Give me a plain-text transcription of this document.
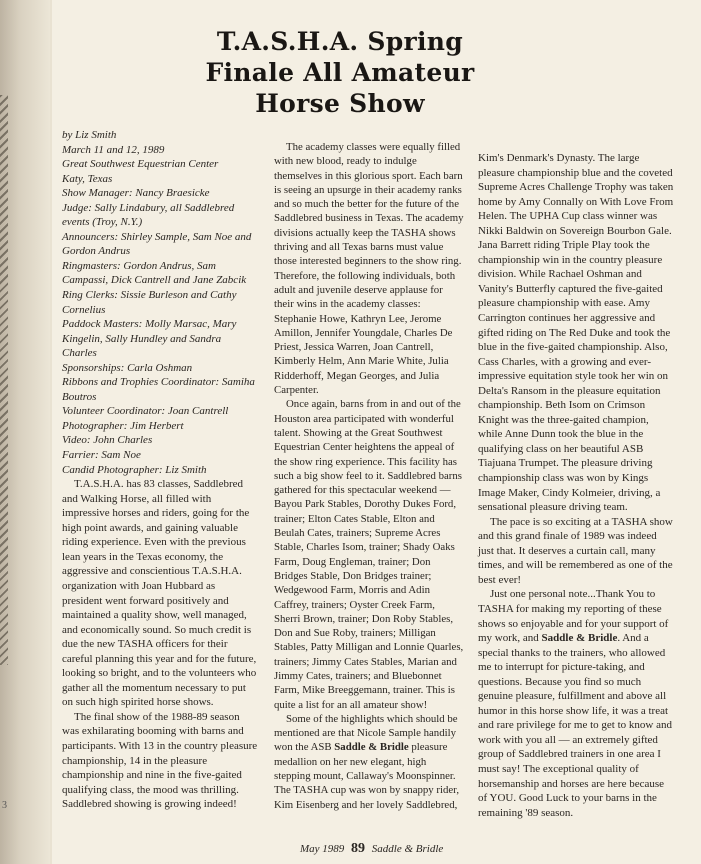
3
T.A.S.H.A. Spring
Finale All Amateur
Horse Show
by Liz Smith
March 11 and 12, 1989
Great Southwest Equestrian Center
Katy, Texas
Show Manager: Nancy Braesicke
Judge: Sally Lindabury, all Saddlebred events (Troy, N.Y.)
Announcers: Shirley Sample, Sam Noe and Gordon Andrus
Ringmasters: Gordon Andrus, Sam Campassi, Dick Cantrell and Jane Zabcik
Ring Clerks: Sissie Burleson and Cathy Cornelius
Paddock Masters: Molly Marsac, Mary Kingelin, Sally Hundley and Sandra Charles
Sponsorships: Carla Oshman
Ribbons and Trophies Coordinator: Samiha Boutros
Volunteer Coordinator: Joan Cantrell
Photographer: Jim Herbert
Video: John Charles
Farrier: Sam Noe
Candid Photographer: Liz Smith

T.A.S.H.A. has 83 classes, Saddlebred and Walking Horse, all filled with impressive horses and riders, going for the high point awards, and gaining valuable riding experience. Even with the previous lean years in the Texas economy, the aggressive and conscientious T.A.S.H.A. organization with Joan Hubbard as president went forward positively and maintained a quality show, well managed, and economically sound. So much credit is due the new TASHA officers for their careful planning this year and for the future, looking so bright, and to the volunteers who gather all the momentum necessary to put on such high spirited horse shows.

The final show of the 1988-89 season was exhilarating booming with barns and participants. With 13 in the country pleasure championship, 14 in the pleasure championship and nine in the five-gaited qualifying class, the mood was thrilling. Saddlebred showing is growing indeed!

The academy classes were equally filled with new blood, ready to indulge themselves in this glorious sport. Each barn is seeing an upsurge in their academy ranks and so much the better for the future of the Saddlebred business in Texas. The academy divisions actually keep the TASHA shows thriving and all Texas barns must value those interested beginners to the show ring. Therefore, the following individuals, both adult and juvenile deserve applause for their wins in the academy classes: Stephanie Howe, Kathryn Lee, Jerome Amillon, Jennifer Youngdale, Charles De Priest, Jessica Warren, Joan Cantrell, Kimberly Helm, Ann Marie White, Julia Ridderhoff, Megan Georges, and Julia Carpenter.

Once again, barns from in and out of the Houston area participated with wonderful talent. Showing at the Great Southwest Equestrian Center heightens the appeal of the show ring experience. This facility has such a big show feel to it. Saddlebred barns gathered for this spectacular weekend — Bayou Park Stables, Dorothy Dukes Ford, trainer; Elton Cates Stable, Elton and Beulah Cates, trainers; Supreme Acres Stable, Charles Isom, trainer; Shady Oaks Farm, Doug Engleman, trainer; Don Bridges Stable, Don Bridges trainer; Wedgewood Farm, Morris and Adin Caffrey, trainers; Oyster Creek Farm, Sherri Brown, trainer; Don Roby Stables, Don and Sue Roby, trainers; Milligan Stables, Patty Milligan and Lonnie Quarles, trainers; Jimmy Cates Stables, Marian and Jimmy Cates, trainers; and Bluebonnet Farm, Mike Breeggemann, trainer. This is quite a list for an all amateur show!

Some of the highlights which should be mentioned are that Nicole Sample handily won the ASB Saddle & Bridle pleasure medallion on her new elegant, high stepping mount, Callaway's Moonspinner. The TASHA cup was won by snappy rider, Kim Eisenberg and her lovely Saddlebred,

Kim's Denmark's Dynasty. The large pleasure championship blue and the coveted Supreme Acres Challenge Trophy was taken home by Amy Connally on With Love From Helen. The UPHA Cup class winner was Nikki Baldwin on Sovereign Bourbon Gale. Jana Barrett riding Triple Play took the championship win in the country pleasure division. While Rachael Oshman and Vanity's Butterfly captured the five-gaited pleasure championship with ease. Amy Carrington continues her aggressive and gifted riding on The Red Duke and took the blue in the five-gaited championship. Also, Cass Charles, with a growing and ever-impressive equitation style took her win on Delta's Ransom in the pleasure equitation championship. Beth Isom on Crimson Knight was the three-gaited champion, while Anne Dunn took the blue in the qualifying class on her beautiful ASB Tiajuana Trumpet. The pleasure driving championship class was won by Kings Image Maker, Cindy Kolmeier, driving, a sensational pleasure driving team.

The pace is so exciting at a TASHA show and this grand finale of 1989 was indeed just that. It deserves a curtain call, many times, and will be remembered as one of the best ever!

Just one personal note...Thank You to TASHA for making my reporting of these shows so enjoyable and for your support of my work, and Saddle & Bridle. And a special thanks to the trainers, who allowed me to interrupt for picture-taking, and questions. Because you find so much genuine pleasure, fulfillment and above all humor in this horse show life, it was a treat and rare privilege for me to get to know and work with you all — an extremely gifted group of Saddlebred trainers in one area I must say! The exceptional quality of horsemanship and horses are here because of YOU. Good Luck to your barns in the remaining '89 season.

May 1989 89 Saddle & Bridle
